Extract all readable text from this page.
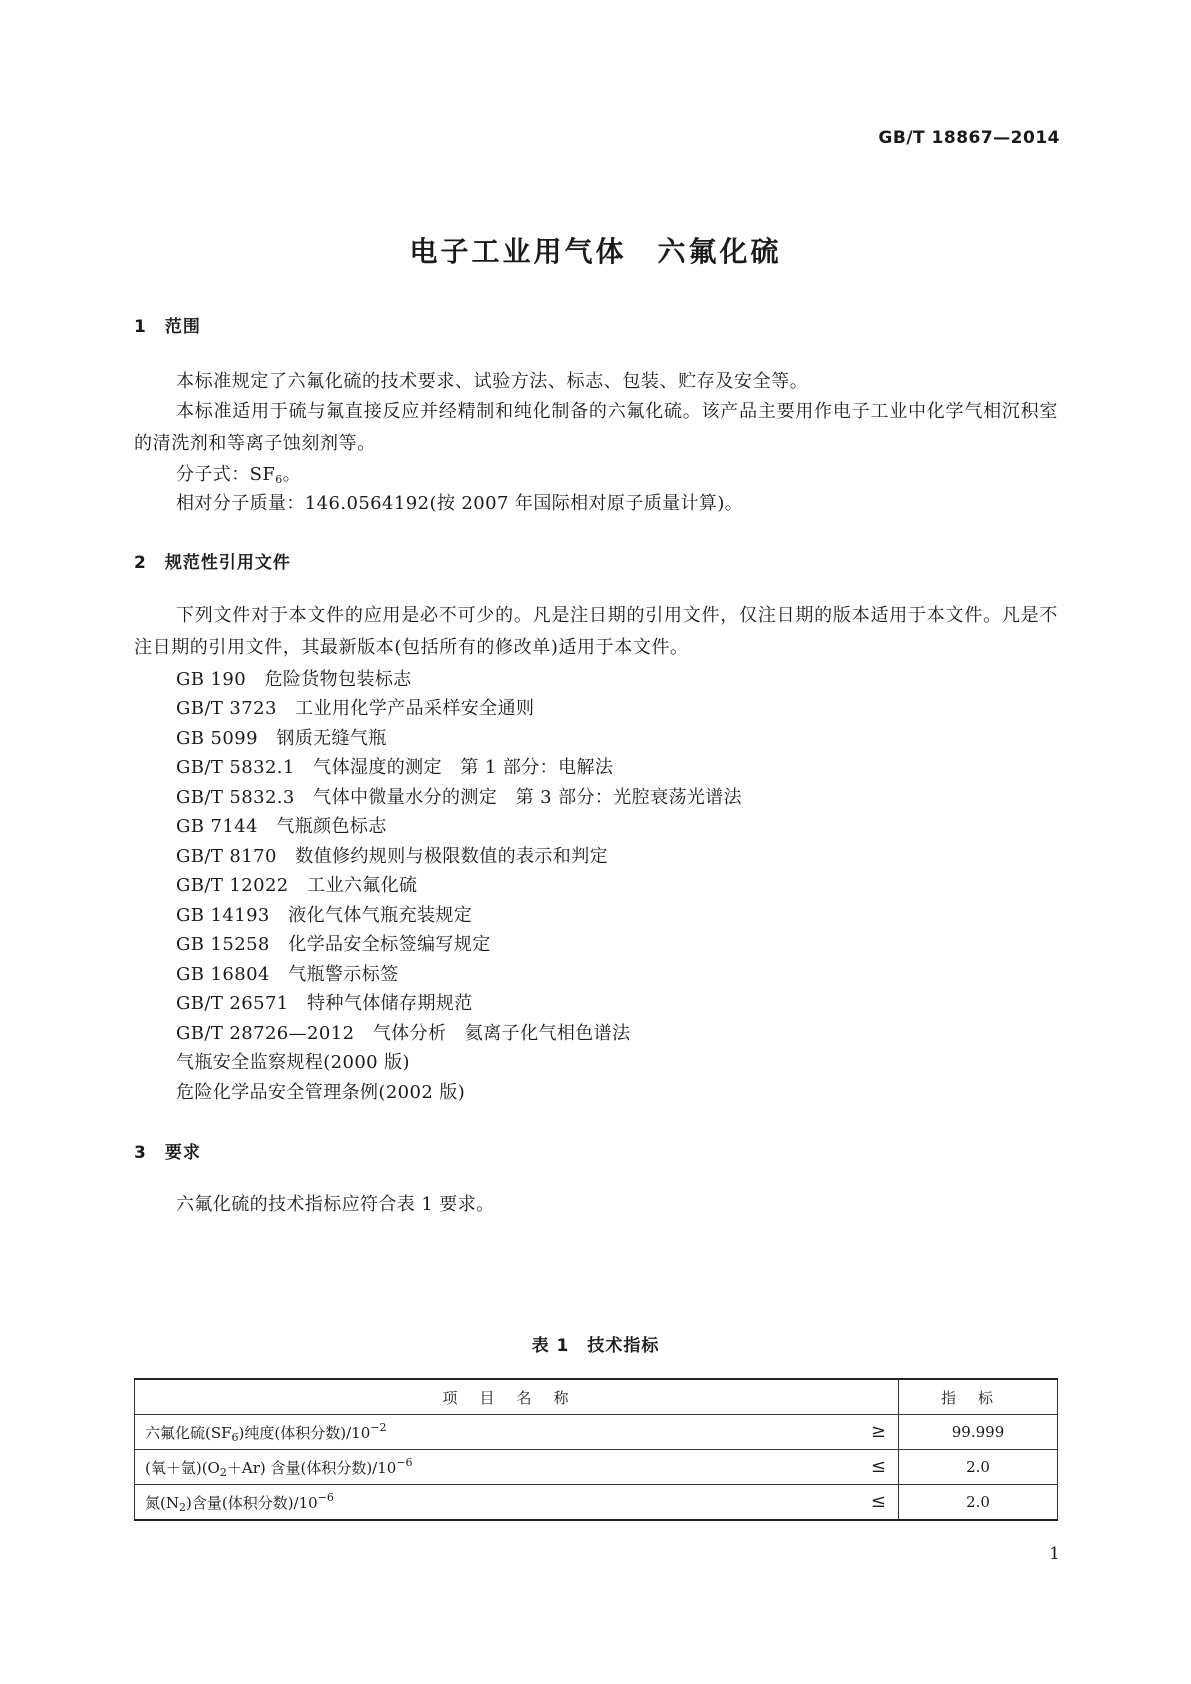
GB/T 18867—2014
电子工业用气体　六氟化硫
1　范围
本标准规定了六氟化硫的技术要求、试验方法、标志、包装、贮存及安全等。
本标准适用于硫与氟直接反应并经精制和纯化制备的六氟化硫。该产品主要用作电子工业中化学气相沉积室的清洗剂和等离子蚀刻剂等。
分子式：$SF_6$。
相对分子质量：146.0564192(按 2007 年国际相对原子质量计算)。
2　规范性引用文件
下列文件对于本文件的应用是必不可少的。凡是注日期的引用文件，仅注日期的版本适用于本文件。凡是不注日期的引用文件，其最新版本(包括所有的修改单)适用于本文件。
GB 190　危险货物包装标志
GB/T 3723　工业用化学产品采样安全通则
GB 5099　钢质无缝气瓶
GB/T 5832.1　气体湿度的测定　第 1 部分：电解法
GB/T 5832.3　气体中微量水分的测定　第 3 部分：光腔衰荡光谱法
GB 7144　气瓶颜色标志
GB/T 8170　数值修约规则与极限数值的表示和判定
GB/T 12022　工业六氟化硫
GB 14193　液化气体气瓶充装规定
GB 15258　化学品安全标签编写规定
GB 16804　气瓶警示标签
GB/T 26571　特种气体储存期规范
GB/T 28726—2012　气体分析　氦离子化气相色谱法
气瓶安全监察规程(2000 版)
危险化学品安全管理条例(2002 版)
3　要求
六氟化硫的技术指标应符合表 1 要求。
表 1　技术指标
项目名称	指标
六氟化硫$(SF_6)$纯度(体积分数)$/10^{-2}$ ≥	99.999
(氧＋氩)$(O_2+Ar)$ 含量(体积分数)$/10^{-6}$ ≤	2.0
氮$(N_2)$含量(体积分数)$/10^{-6}$ ≤	2.0
1
